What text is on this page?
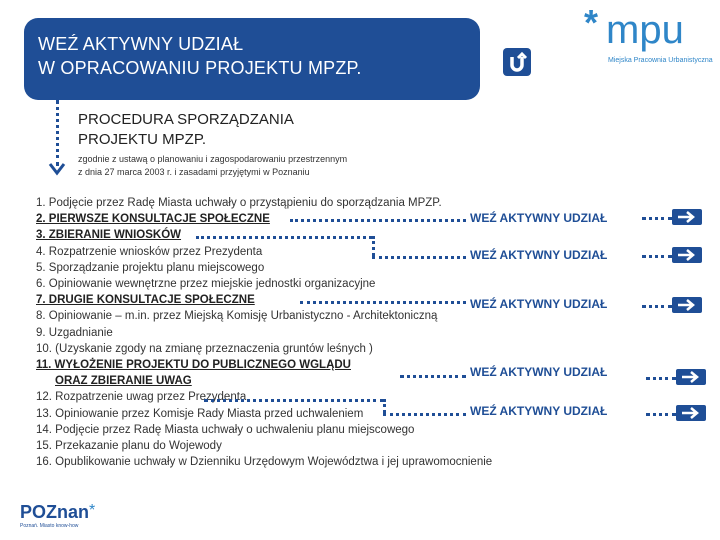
WEŹ AKTYWNY UDZIAŁ
W OPRACOWANIU PROJEKTU MPZP.
* mpu
Miejska Pracownia Urbanistyczna
PROCEDURA SPORZĄDZANIA
PROJEKTU MPZP.
zgodnie z ustawą o planowaniu i zagospodarowaniu przestrzennym
z dnia 27 marca 2003 r. i zasadami przyjętymi w Poznaniu
1. Podjęcie przez Radę Miasta uchwały o przystąpieniu do sporządzania MPZP.
2. PIERWSZE KONSULTACJE SPOŁECZNE
3. ZBIERANIE WNIOSKÓW
4. Rozpatrzenie wniosków przez Prezydenta
5. Sporządzanie projektu planu miejscowego
6. Opiniowanie wewnętrzne przez miejskie jednostki organizacyjne
7. DRUGIE KONSULTACJE SPOŁECZNE
8. Opiniowanie – m.in. przez Miejską Komisję Urbanistyczno - Architektoniczną
9. Uzgadnianie
10. (Uzyskanie zgody na zmianę przeznaczenia gruntów leśnych )
11. WYŁOŻENIE PROJEKTU DO PUBLICZNEGO WGLĄDU
ORAZ ZBIERANIE UWAG
12. Rozpatrzenie uwag przez Prezydenta
13. Opiniowanie przez Komisje Rady Miasta przed uchwaleniem
14. Podjęcie przez Radę Miasta uchwały o uchwaleniu planu miejscowego
15. Przekazanie planu do Wojewody
16. Opublikowanie uchwały w Dzienniku Urzędowym Województwa i jej uprawomocnienie
WEŹ AKTYWNY UDZIAŁ
WEŹ AKTYWNY UDZIAŁ
WEŹ AKTYWNY UDZIAŁ
WEŹ AKTYWNY UDZIAŁ
WEŹ AKTYWNY UDZIAŁ
POZnan*
Poznań. Miasto know-how
